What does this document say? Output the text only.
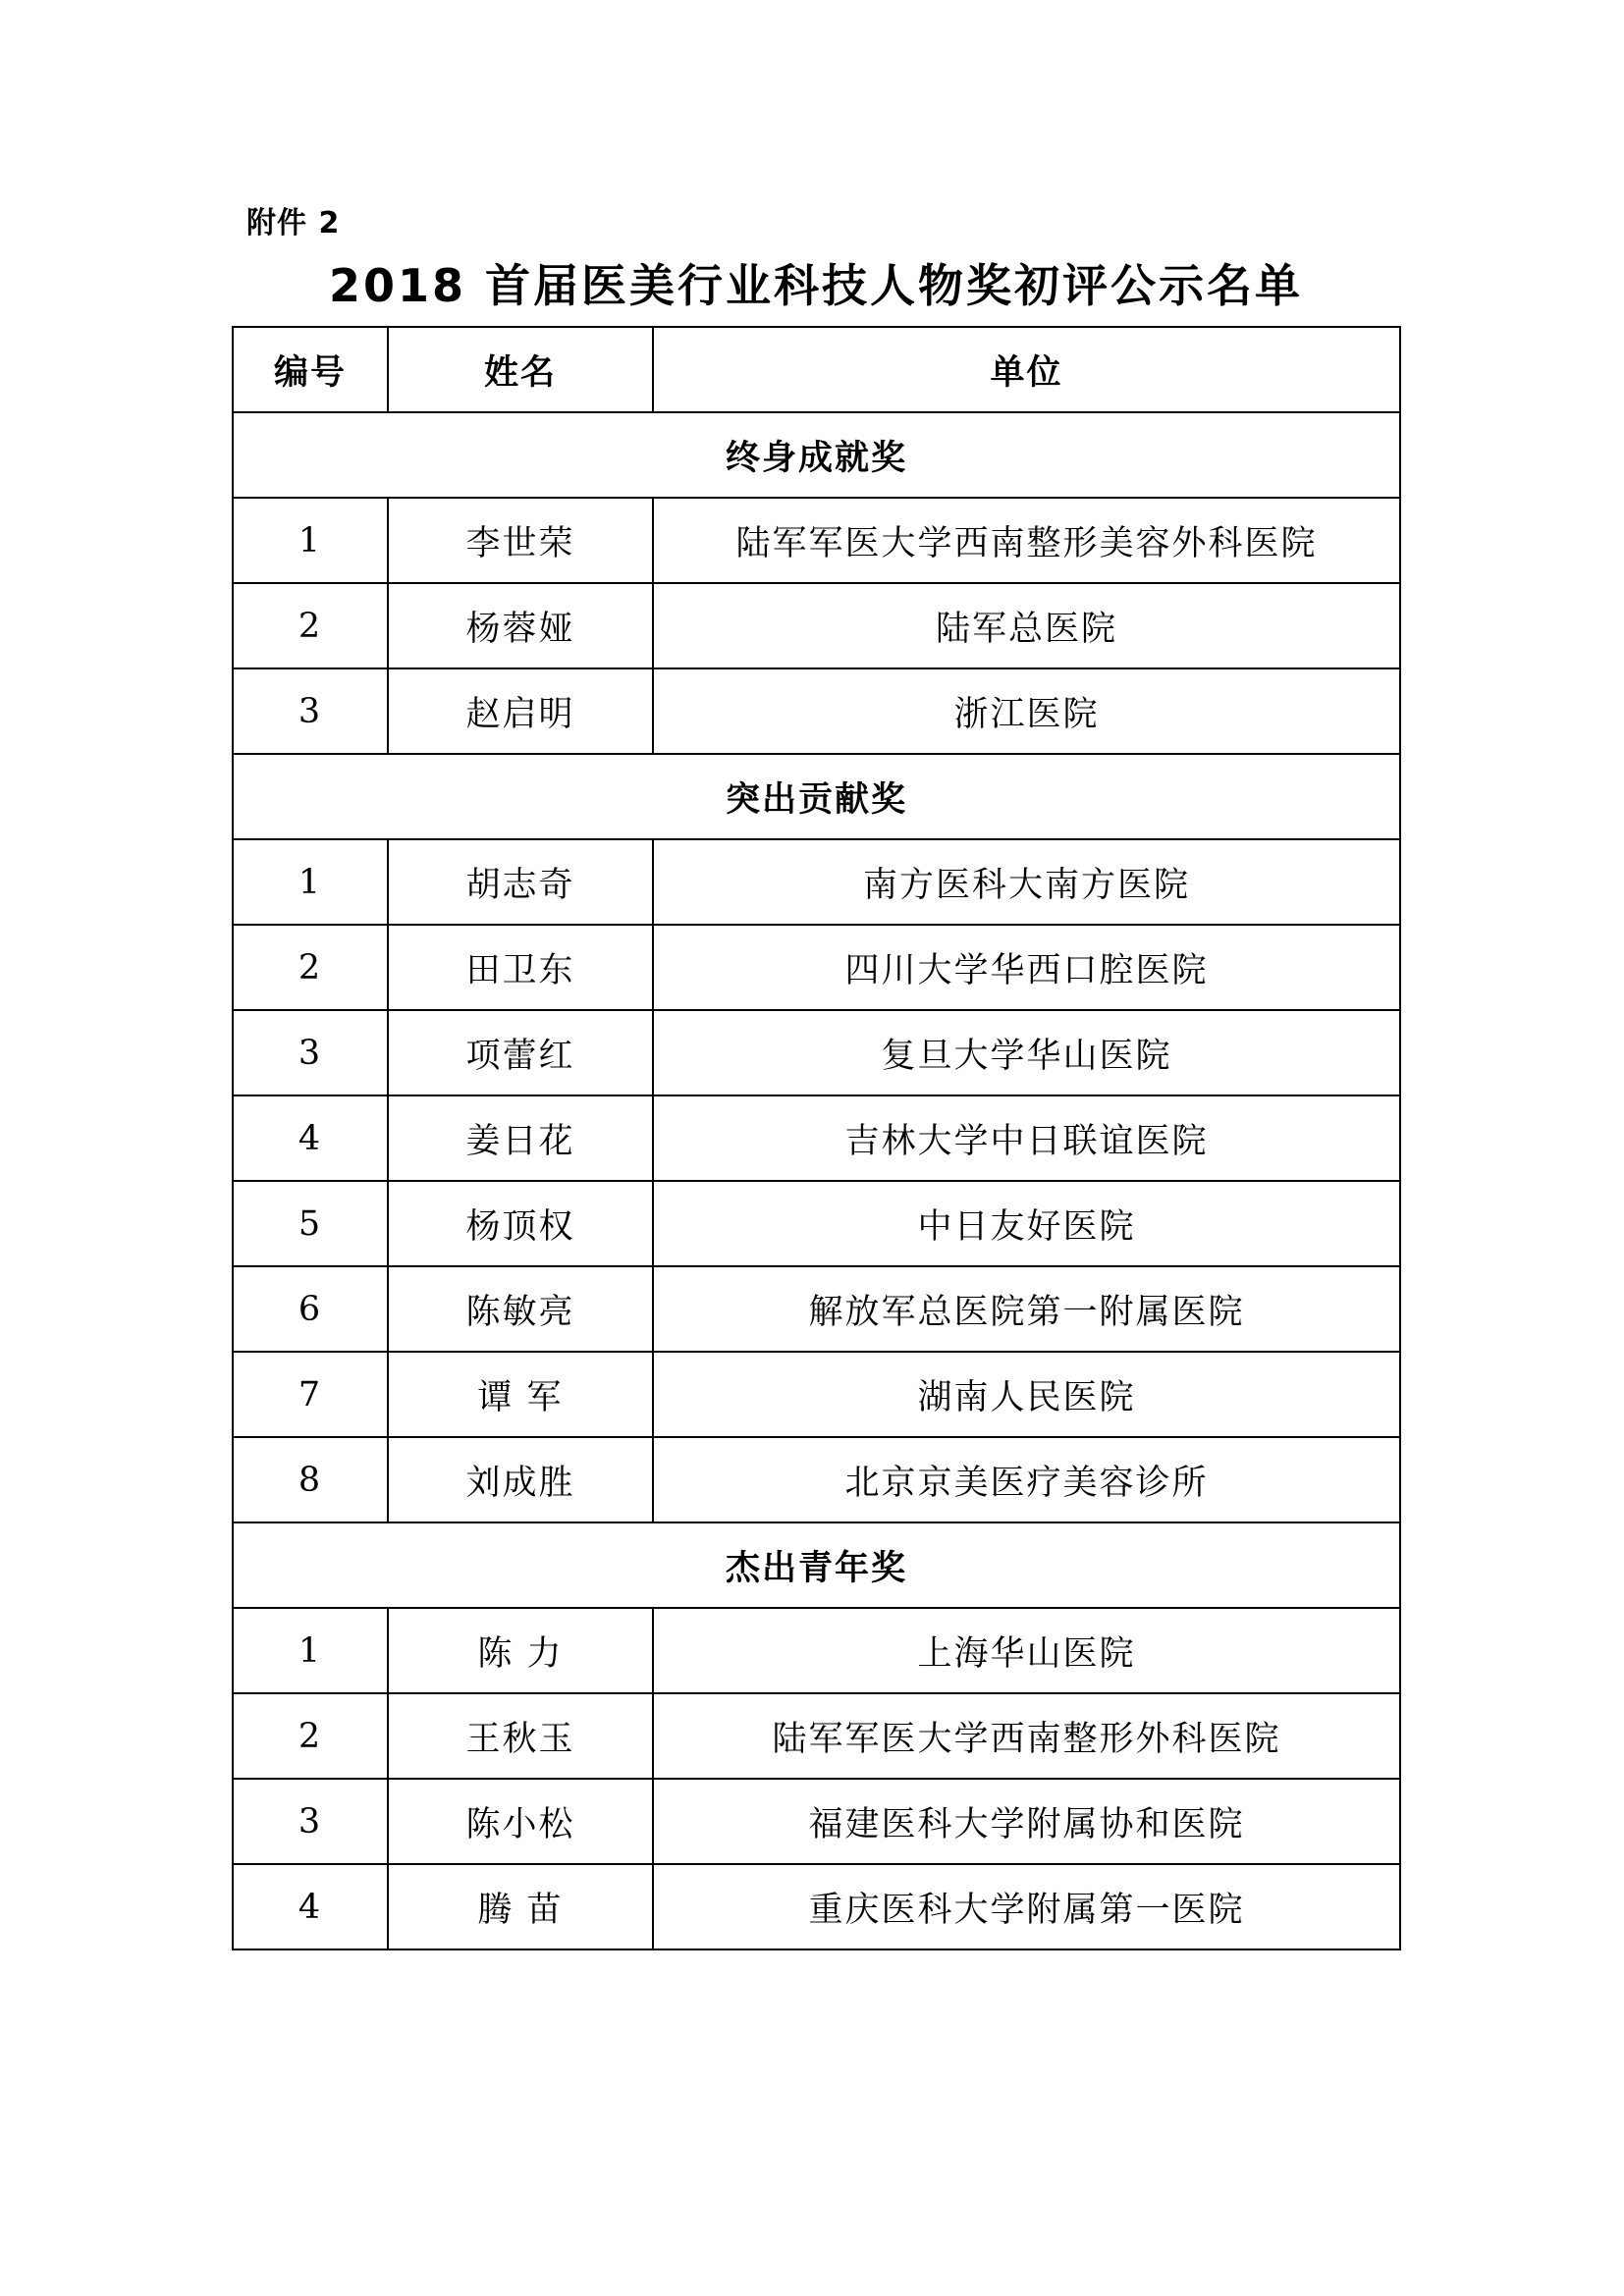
附件 2
2018 首届医美行业科技人物奖初评公示名单
编号	姓名	单位
终身成就奖		
1	李世荣	陆军军医大学西南整形美容外科医院
2	杨蓉娅	陆军总医院
3	赵启明	浙江医院
突出贡献奖		
1	胡志奇	南方医科大南方医院
2	田卫东	四川大学华西口腔医院
3	项蕾红	复旦大学华山医院
4	姜日花	吉林大学中日联谊医院
5	杨顶权	中日友好医院
6	陈敏亮	解放军总医院第一附属医院
7	谭 军	湖南人民医院
8	刘成胜	北京京美医疗美容诊所
杰出青年奖		
1	陈 力	上海华山医院
2	王秋玉	陆军军医大学西南整形外科医院
3	陈小松	福建医科大学附属协和医院
4	腾 苗	重庆医科大学附属第一医院
